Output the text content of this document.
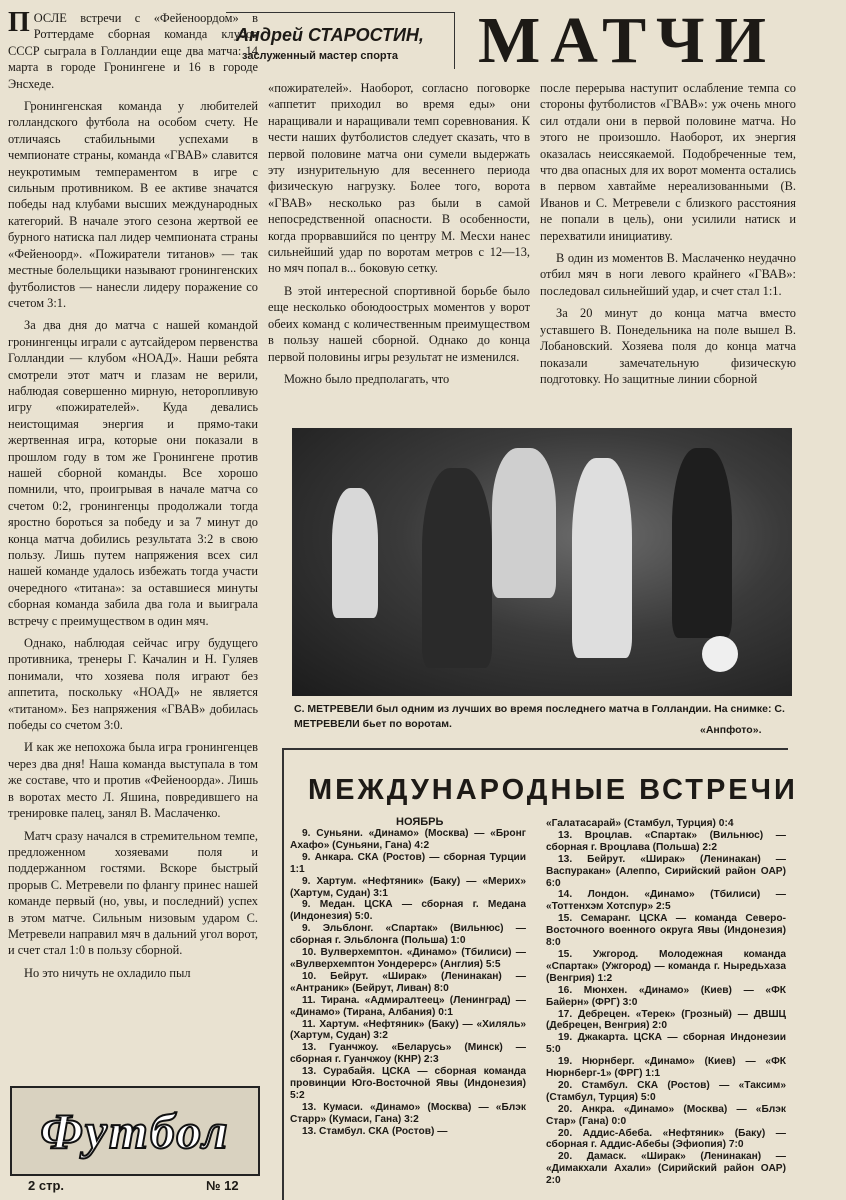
ПОСЛЕ встречи с «Фейеноордом» в Роттердаме сборная команда клубов СССР сыграла в Голландии еще два матча: 14 марта в городе Гронингене и 16 в городе Энсхеде.

Гронингенская команда у любителей голландского футбола на особом счету. Не отличаясь стабильными успехами в чемпионате страны, команда «ГВАВ» славится неукротимым темпераментом в игре с сильным противником. В ее активе значатся победы над клубами высших международных категорий. В начале этого сезона жертвой ее бурного натиска пал лидер чемпионата страны «Фейеноорд». «Пожиратели титанов» — так местные болельщики называют гронингенских футболистов — нанесли лидеру поражение со счетом 3:1.

За два дня до матча с нашей командой гронингенцы играли с аутсайдером первенства Голландии — клубом «НОАД». Наши ребята смотрели этот матч и глазам не верили, наблюдая совершенно мирную, неторопливую игру «пожирателей». Куда девались неистощимая энергия и прямо-таки жертвенная игра, которые они показали в прошлом году в том же Гронингене против нашей сборной команды. Все хорошо помнили, что, проигрывая в начале матча со счетом 0:2, гронингенцы продолжали тогда яростно бороться за победу и за 7 минут до конца матча добились результата 3:2 в свою пользу. Лишь путем напряжения всех сил нашей команде удалось избежать тогда участи очередного «титана»: за оставшиеся минуты сборная команда забила два гола и выиграла встречу с преимуществом в один мяч.

Однако, наблюдая сейчас игру будущего противника, тренеры Г. Качалин и Н. Гуляев понимали, что хозяева поля играют без аппетита, поскольку «НОАД» не является «титаном». Без напряжения «ГВАВ» добилась победы со счетом 3:0.

И как же непохожа была игра гронингенцев через два дня! Наша команда выступала в том же составе, что и против «Фейеноорда». Лишь в воротах место Л. Яшина, повредившего на тренировке палец, занял В. Маслаченко.

Матч сразу начался в стремительном темпе, предложенном хозяевами поля и поддержанном гостями. Вскоре быстрый прорыв С. Метревели по флангу принес нашей команде первый (но, увы, и последний) успех в этом матче. Сильным низовым ударом С. Метревели направил мяч в дальний угол ворот, и счет стал 1:0 в пользу сборной.

Но это ничуть не охладило пыл

Андрей СТАРОСТИН,
заслуженный мастер спорта	МАТЧИ

«пожирателей». Наоборот, согласно поговорке «аппетит приходил во время еды» они наращивали и наращивали темп соревнования. К чести наших футболистов следует сказать, что в первой половине матча они сумели выдержать эту изнурительную для весеннего периода физическую нагрузку. Более того, ворота «ГВАВ» несколько раз были в самой непосредственной опасности. В особенности, когда прорвавшийся по центру М. Месхи нанес сильнейший удар по воротам метров с 12—13, но мяч попал в... боковую сетку.

В этой интересной спортивной борьбе было еще несколько обоюдоострых моментов у ворот обеих команд с количественным преимуществом в пользу нашей сборной. Однако до конца первой половины игры результат не изменился.

Можно было предполагать, что

после перерыва наступит ослабление темпа со стороны футболистов «ГВАВ»: уж очень много сил отдали они в первой половине матча. Но этого не произошло. Наоборот, их энергия оказалась неиссякаемой. Подобреченные тем, что два опасных для их ворот момента остались в первом хавтайме нереализованными (В. Иванов и С. Метревели с близкого расстояния не попали в цель), они усилили натиск и перехватили инициативу.

В один из моментов В. Маслаченко неудачно отбил мяч в ноги левого крайнего «ГВАВ»: последовал сильнейший удар, и счет стал 1:1.

За 20 минут до конца матча вместо уставшего В. Понедельника на поле вышел В. Лобановский. Хозяева поля до конца матча показали замечательную физическую подготовку. Но защитные линии сборной

С. МЕТРЕВЕЛИ был одним из лучших во время последнего матча в Голландии. На снимке: С. МЕТРЕВЕЛИ бьет по воротам.	«Анпфото».
МЕЖДУНАРОДНЫЕ ВСТРЕЧИ
НОЯБРЬ

9. Суньяни. «Динамо» (Москва) — «Бронг Ахафо» (Суньяни, Гана) 4:2

9. Анкара. СКА (Ростов) — сборная Турции 1:1

9. Хартум. «Нефтяник» (Баку) — «Мерих» (Хартум, Судан) 3:1

9. Медан. ЦСКА — сборная г. Медана (Индонезия) 5:0.

9. Эльблонг. «Спартак» (Вильнюс) — сборная г. Эльблонга (Польша) 1:0

10. Вулверхемптон. «Динамо» (Тбилиси) — «Вулверхемптон Уондерерс» (Англия) 5:5

10. Бейрут. «Ширак» (Ленинакан) — «Антраник» (Бейрут, Ливан) 8:0

11. Тирана. «Адмиралтеец» (Ленинград) — «Динамо» (Тирана, Албания) 0:1

11. Хартум. «Нефтяник» (Баку) — «Хиляль» (Хартум, Судан) 3:2

13. Гуанчжоу. «Беларусь» (Минск) — сборная г. Гуанчжоу (КНР) 2:3

13. Сурабайя. ЦСКА — сборная команда провинции Юго-Восточной Явы (Индонезия) 5:2

13. Кумаси. «Динамо» (Москва) — «Блэк Старр» (Кумаси, Гана) 3:2

13. Стамбул. СКА (Ростов) —

«Галатасарай» (Стамбул, Турция) 0:4

13. Вроцлав. «Спартак» (Вильнюс) — сборная г. Вроцлава (Польша) 2:2

13. Бейрут. «Ширак» (Ленинакан) — Васпуракан» (Алеппо, Сирийский район ОАР) 6:0

14. Лондон. «Динамо» (Тбилиси) — «Тоттенхэм Хотспур» 2:5

15. Семаранг. ЦСКА — команда Северо-Восточного военного округа Явы (Индонезия) 8:0

15. Ужгород. Молодежная команда «Спартак» (Ужгород) — команда г. Ныредьхаза (Венгрия) 1:2

16. Мюнхен. «Динамо» (Киев) — «ФК Байерн» (ФРГ) 3:0

17. Дебрецен. «Терек» (Грозный) — ДВШЦ (Дебрецен, Венгрия) 2:0

19. Джакарта. ЦСКА — сборная Индонезии 5:0

19. Нюрнберг. «Динамо» (Киев) — «ФК Нюрнберг-1» (ФРГ) 1:1

20. Стамбул. СКА (Ростов) — «Таксим» (Стамбул, Турция) 5:0

20. Анкра. «Динамо» (Москва) — «Блэк Стар» (Гана) 0:0

20. Аддис-Абеба. «Нефтяник» (Баку) — сборная г. Аддис-Абебы (Эфиопия) 7:0

20. Дамаск. «Ширак» (Ленинакан) — «Димакхали Ахали» (Сирийский район ОАР) 2:0

Футбол
2 стр.	№ 12
